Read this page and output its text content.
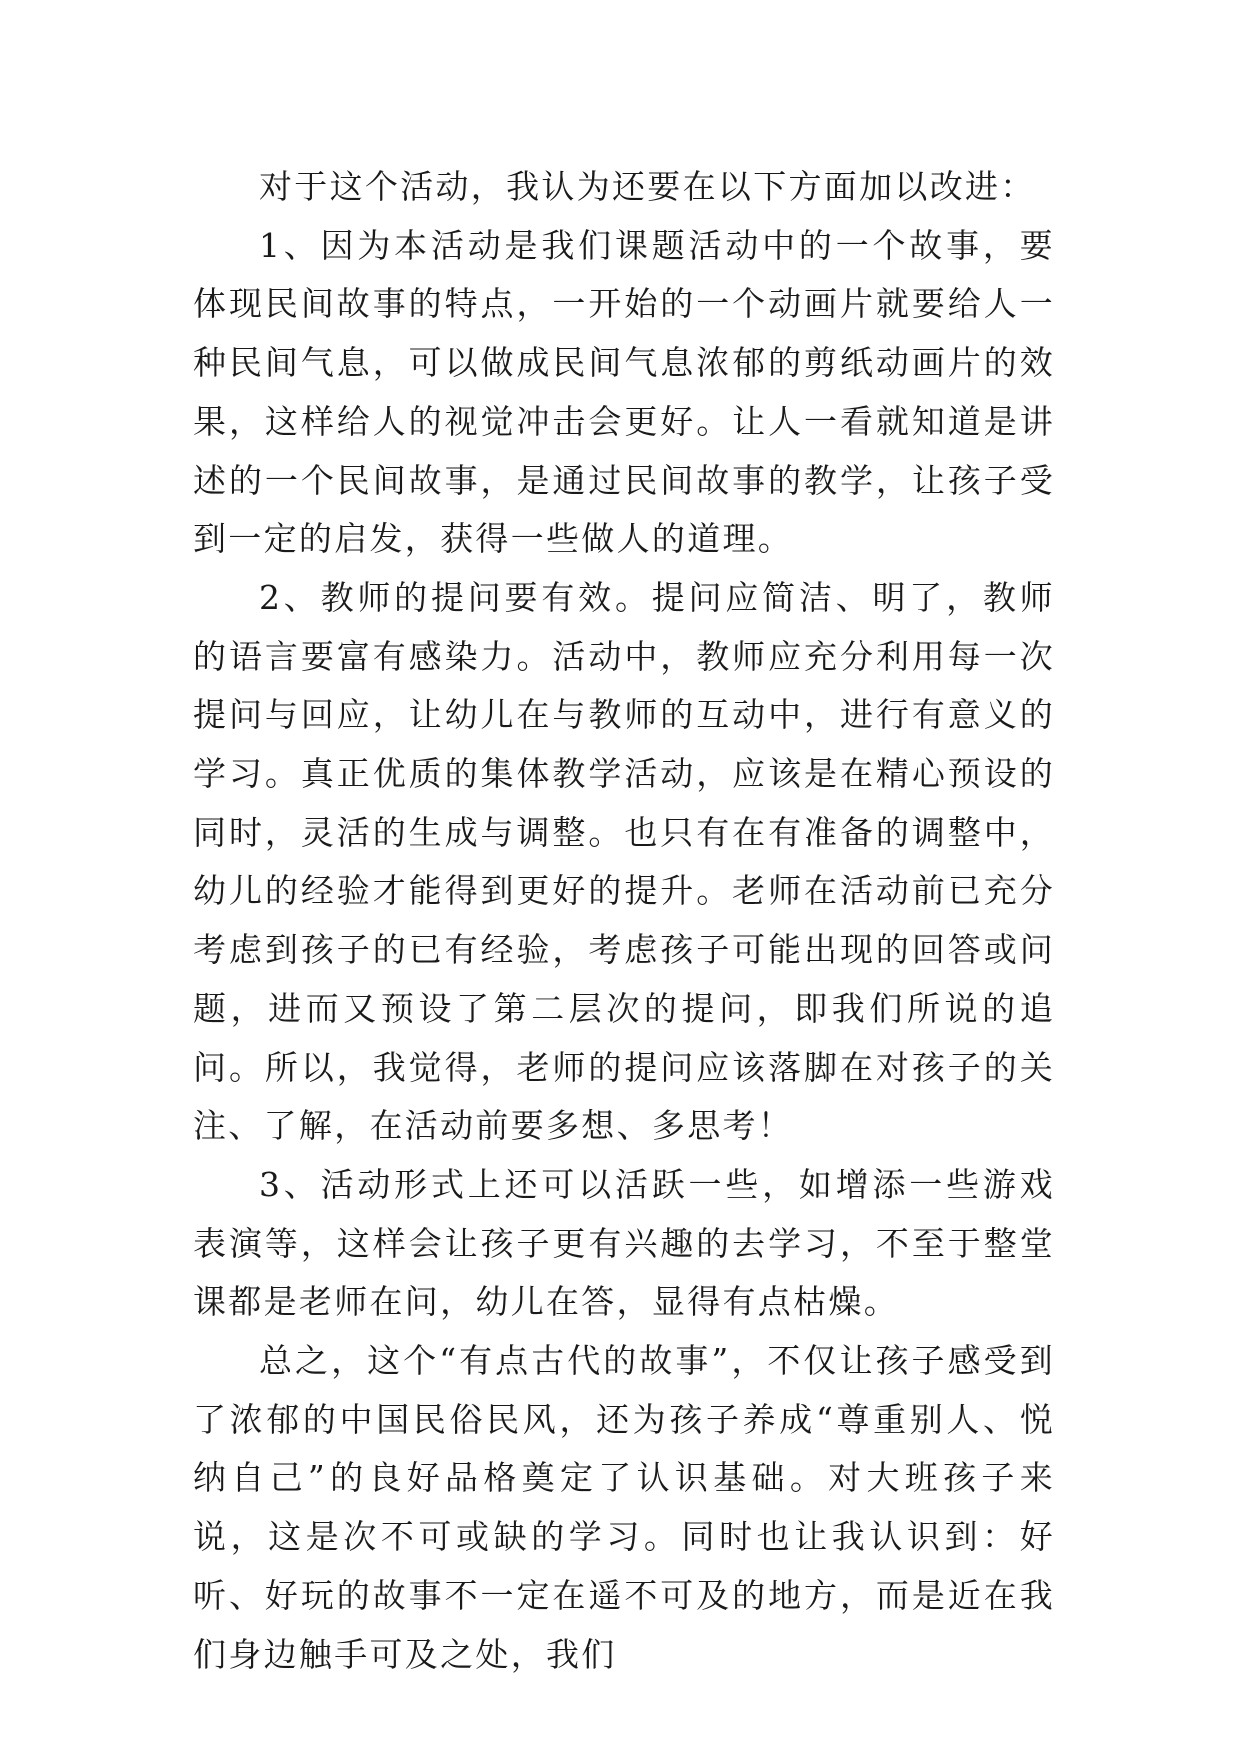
对于这个活动，我认为还要在以下方面加以改进：

1、因为本活动是我们课题活动中的一个故事，要体现民间故事的特点，一开始的一个动画片就要给人一种民间气息，可以做成民间气息浓郁的剪纸动画片的效果，这样给人的视觉冲击会更好。让人一看就知道是讲述的一个民间故事，是通过民间故事的教学，让孩子受到一定的启发，获得一些做人的道理。

2、教师的提问要有效。提问应简洁、明了，教师的语言要富有感染力。活动中，教师应充分利用每一次提问与回应，让幼儿在与教师的互动中，进行有意义的学习。真正优质的集体教学活动，应该是在精心预设的同时，灵活的生成与调整。也只有在有准备的调整中，幼儿的经验才能得到更好的提升。老师在活动前已充分考虑到孩子的已有经验，考虑孩子可能出现的回答或问题，进而又预设了第二层次的提问，即我们所说的追问。所以，我觉得，老师的提问应该落脚在对孩子的关注、了解，在活动前要多想、多思考！

3、活动形式上还可以活跃一些，如增添一些游戏表演等，这样会让孩子更有兴趣的去学习，不至于整堂课都是老师在问，幼儿在答，显得有点枯燥。

总之，这个“有点古代的故事”，不仅让孩子感受到了浓郁的中国民俗民风，还为孩子养成“尊重别人、悦纳自己”的良好品格奠定了认识基础。对大班孩子来说，这是次不可或缺的学习。同时也让我认识到：好听、好玩的故事不一定在遥不可及的地方，而是近在我们身边触手可及之处，我们
